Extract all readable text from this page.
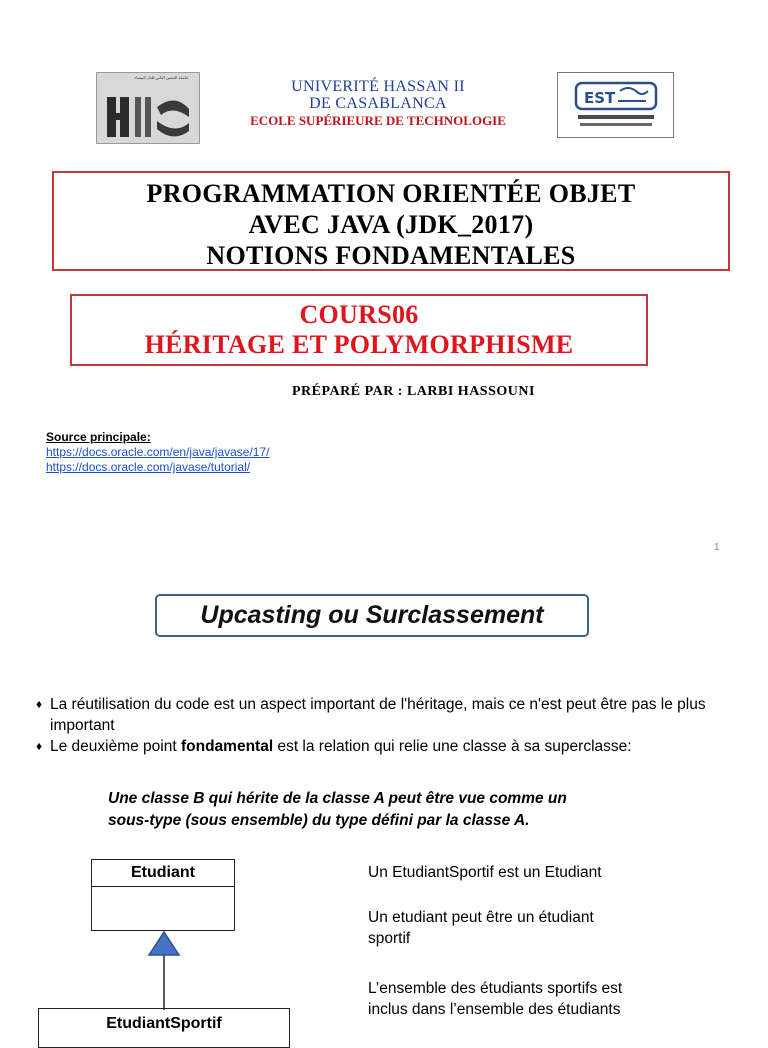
جامعة الحسن الثاني للدار البيضاء ‏ ‏ ‏ ‏ ‏ ‏ ‏ ‏ ‏ ‏ ‏ ‏ ‏ ‏ ‏ ‏ ‏ ‏ ‏ ‏ ‏ ‏ ‏ ‏ ‏ ‏ ‏ ‏ ‏ ‏
UNIVERITÉ HASSAN II
DE CASABLANCA
ECOLE SUPÉRIEURE DE TECHNOLOGIE
EST
PROGRAMMATION ORIENTÉE OBJET
AVEC JAVA (JDK_2017)
NOTIONS FONDAMENTALES
COURS06
HÉRITAGE ET POLYMORPHISME
PRÉPARÉ PAR : LARBI HASSOUNI
Source principale:
https://docs.oracle.com/en/java/javase/17/
https://docs.oracle.com/javase/tutorial/
1
Upcasting ou Surclassement
♦ La réutilisation du code est un aspect important de l'héritage, mais ce n'est peut être pas le plus important
♦ Le deuxième point fondamental est la relation qui relie une classe à sa superclasse:
Une classe B qui hérite de la classe A peut être vue comme un
sous-type (sous ensemble) du type défini par la classe A.
Etudiant
EtudiantSportif
Un EtudiantSportif est un Etudiant
Un etudiant peut être un étudiant
sportif
L’ensemble des étudiants sportifs est
inclus dans l’ensemble des étudiants
